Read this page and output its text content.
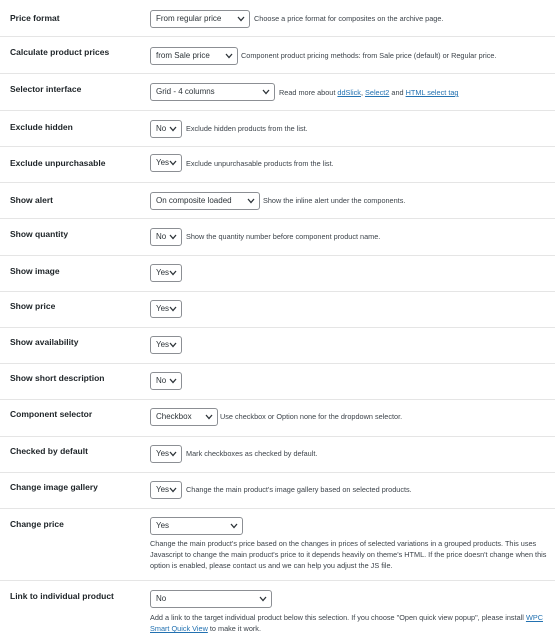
Price format	From regular price	Choose a price format for composites on the archive page.
Calculate product prices	from Sale price	Component product pricing methods: from Sale price (default) or Regular price.
Selector interface	Grid - 4 columns	Read more about ddSlick, Select2 and HTML select tag
Exclude hidden	No	Exclude hidden products from the list.
Exclude unpurchasable	Yes	Exclude unpurchasable products from the list.
Show alert	On composite loaded	Show the inline alert under the components.
Show quantity	No	Show the quantity number before component product name.
Show image	Yes
Show price	Yes
Show availability	Yes
Show short description	No
Component selector	Checkbox	Use checkbox or Option none for the dropdown selector.
Checked by default	Yes	Mark checkboxes as checked by default.
Change image gallery	Yes	Change the main product's image gallery based on selected products.
Change price	Yes
Change the main product's price based on the changes in prices of selected variations in a grouped products. This uses Javascript to change the main product's price to it depends heavily on theme's HTML. If the price doesn't change when this option is enabled, please contact us and we can help you adjust the JS file.
Link to individual product	No
Add a link to the target individual product below this selection. If you choose "Open quick view popup", please install WPC Smart Quick View to make it work.
